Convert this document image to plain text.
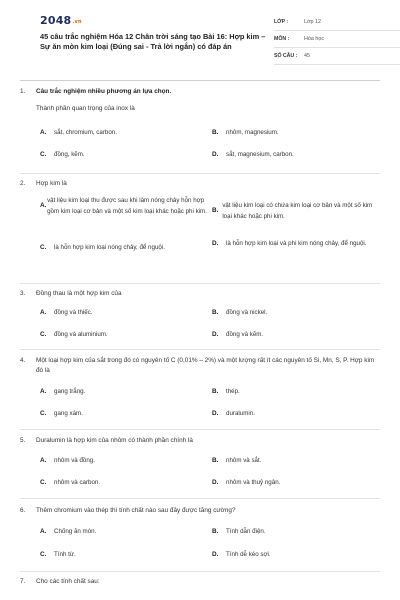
$2048^{.vn}$
45 câu trắc nghiệm Hóa 12 Chân trời sáng tạo Bài 16: Hợp kim – Sự ăn mòn kim loại (Đúng sai - Trả lời ngắn) có đáp án
LỚP :	Lớp 12
MÔN :	Hóa học
SỐ CÂU :	45
1.	Câu trắc nghiệm nhiều phương án lựa chọn.
Thành phần quan trọng của inox là
A.	sắt, chromium, carbon.	B.	nhôm, magnesium.
C.	đồng, kẽm.	D.	sắt, magnesium, carbon.
2.	Hợp kim là
A.
vật liệu kim loại thu được sau khi làm nóng chảy hỗn hợp gồm kim loại cơ bản và một số kim loại khác hoặc phi kim. B.
vật liệu kim loại có chứa kim loại cơ bản và một số kim loại khác hoặc phi kim.
C.	là hỗn hợp kim loại nóng chảy, để nguội.
D.	là hỗn hợp kim loại và phi kim nóng chảy, để nguội.
3.	Đồng thau là một hợp kim của
A.	đồng và thiếc.	B.	đồng và nickel.
C.	đồng và aluminium.	D.	đồng và kẽm.
4.	Một loại hợp kim của sắt trong đó có nguyên tố C (0,01% – 2%) và một lượng rất ít các nguyên tố Si, Mn, S, P. Hợp kim đó là
A.	gang trắng.	B.	thép.
C.	gang xám.	D.	duralumin.
5.	Duralumin là hợp kim của nhôm có thành phần chính là
A.	nhôm và đồng.	B.	nhôm và sắt.
C.	nhôm và carbon.	D.	nhôm và thuỷ ngân.
6.	Thêm chromium vào thép thì tính chất nào sau đây được tăng cường?
A.	Chống ăn mòn.	B.	Tính dẫn điện.
C.	Tính từ.	D.	Tính dễ kéo sợi.
7.	Cho các tính chất sau:
